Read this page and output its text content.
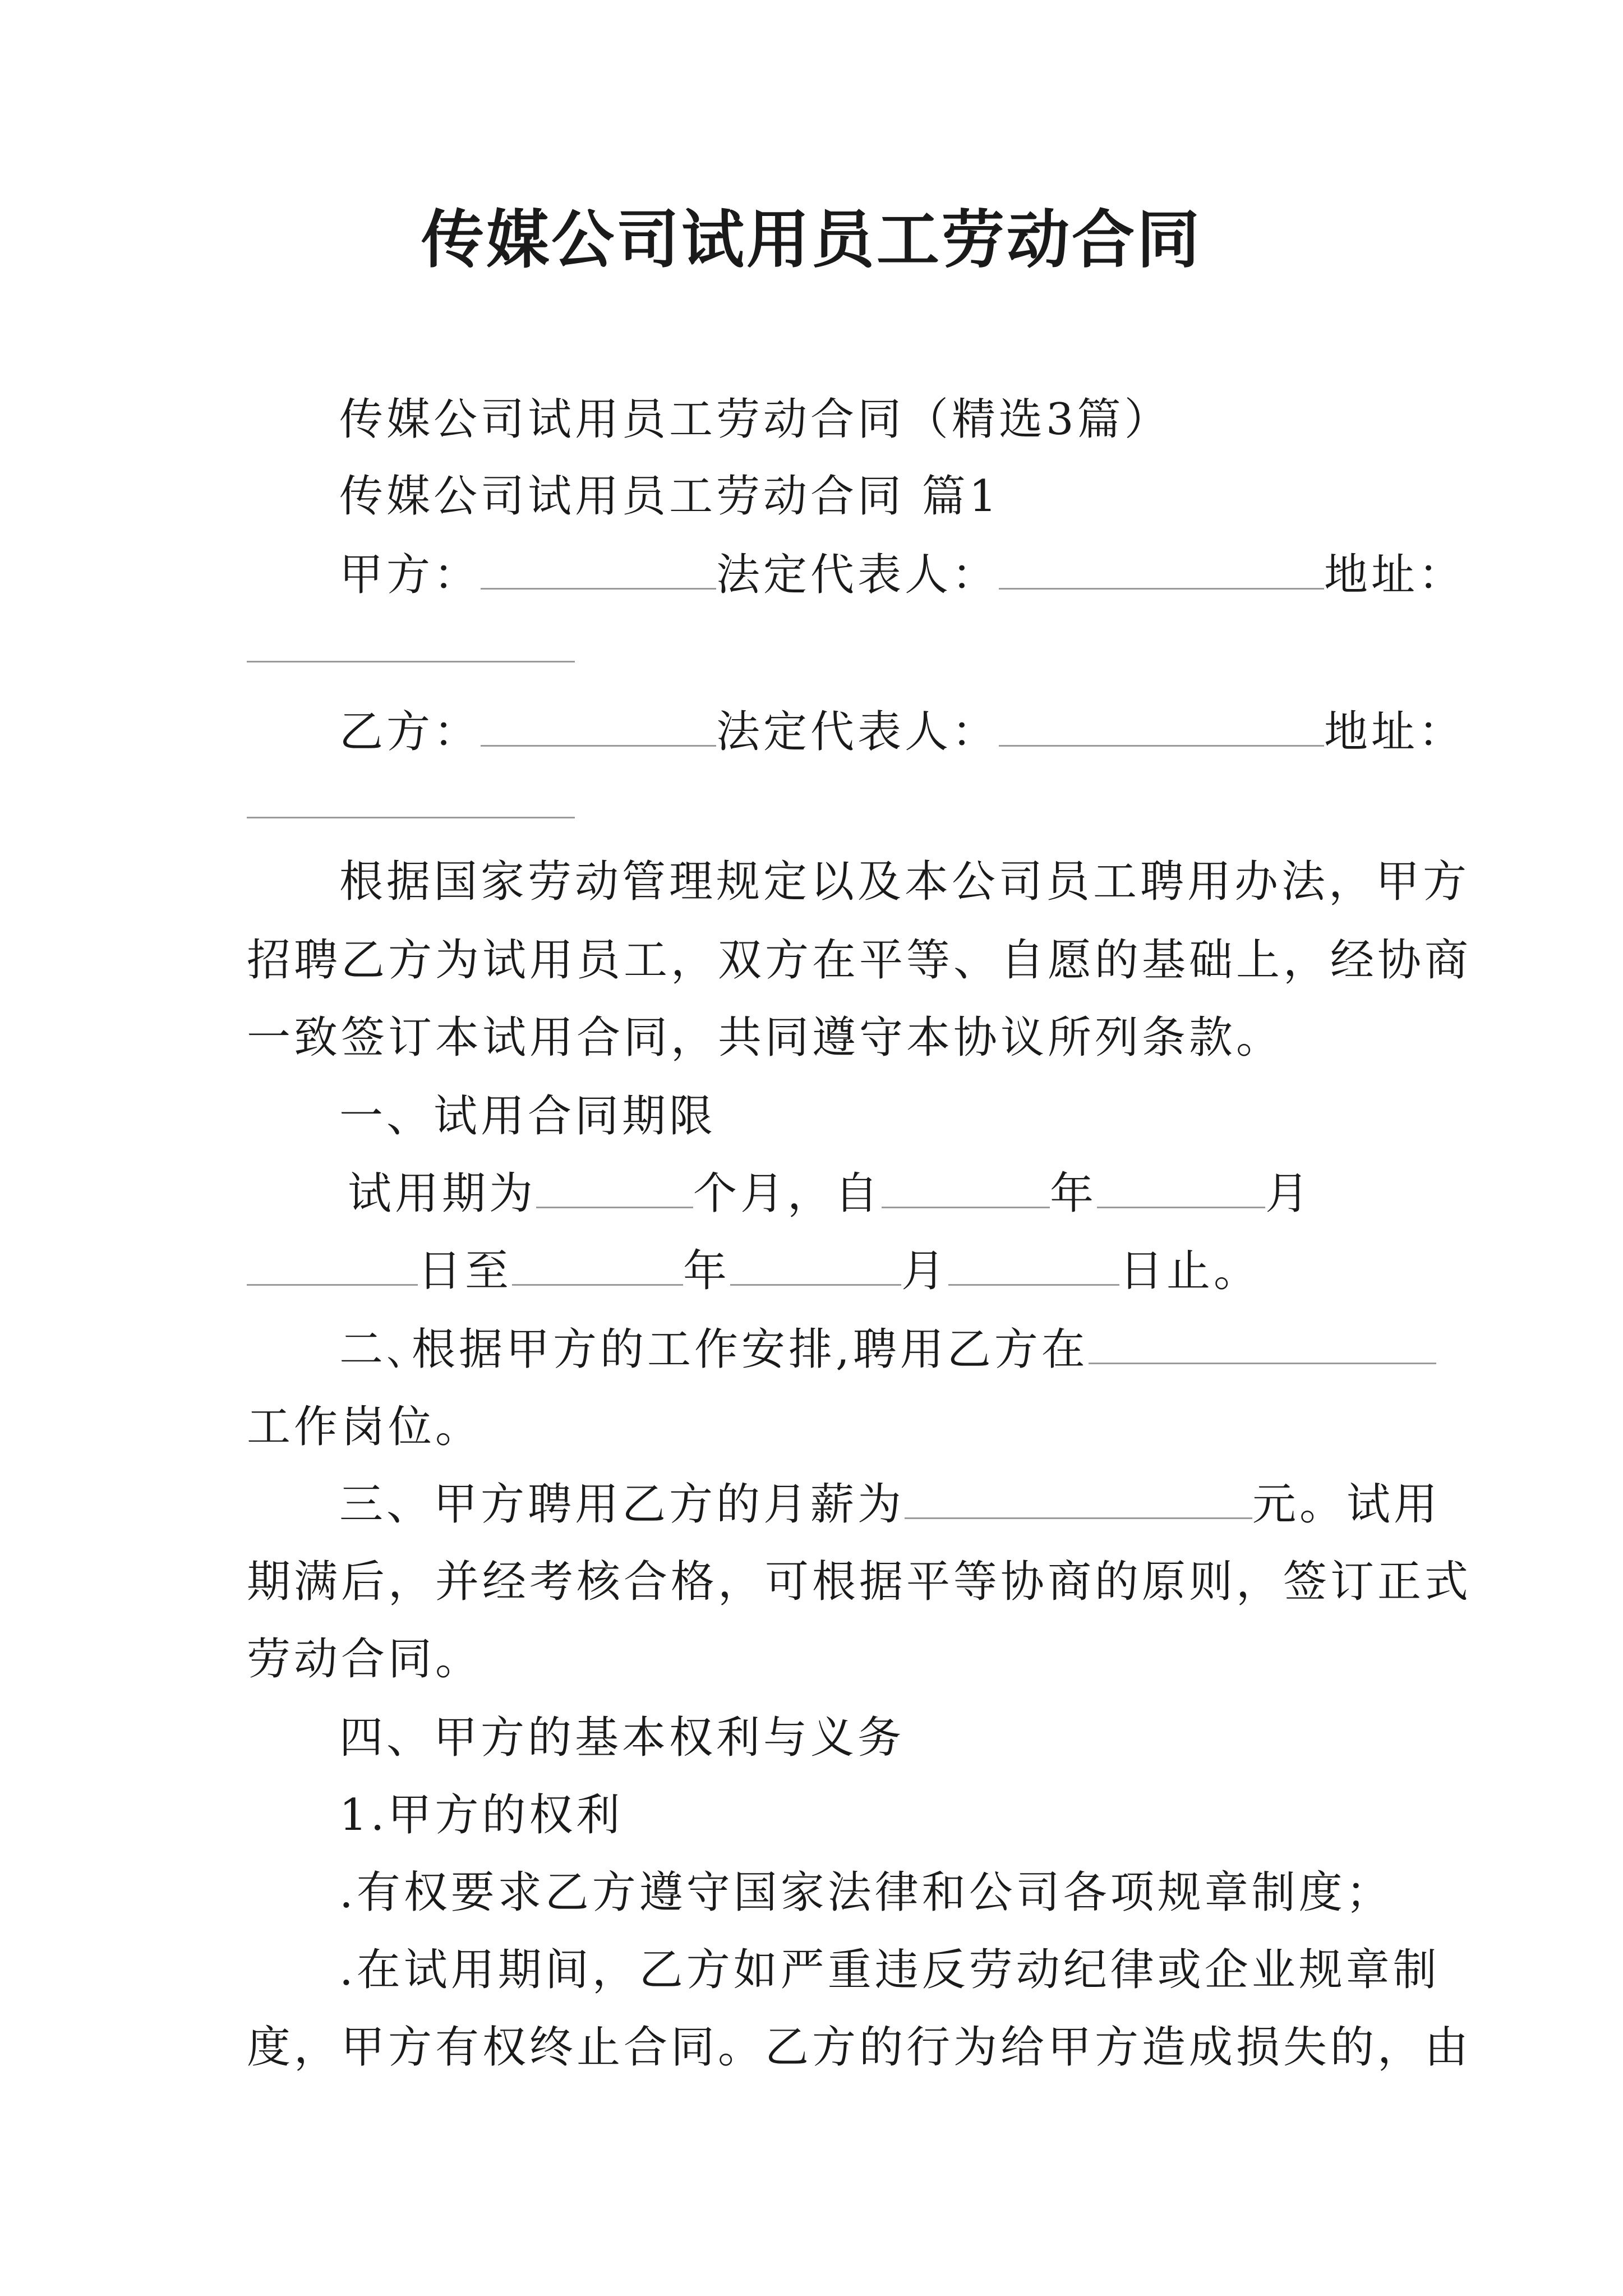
传媒公司试用员工劳动合同
传媒公司试用员工劳动合同（精选3篇）
传媒公司试用员工劳动合同 篇1
甲方：	法定代表人：	地址：
乙方：	法定代表人：	地址：
根据国家劳动管理规定以及本公司员工聘用办法，甲方
招聘乙方为试用员工，双方在平等、自愿的基础上，经协商
一致签订本试用合同，共同遵守本协议所列条款。
一、试用合同期限
试用期为	个月，自	年	月
日至	年	月	日止。
二､根据甲方的工作安排,聘用乙方在
工作岗位。
三、甲方聘用乙方的月薪为	元。试用
期满后，并经考核合格，可根据平等协商的原则，签订正式
劳动合同。
四、甲方的基本权利与义务
1.甲方的权利
.有权要求乙方遵守国家法律和公司各项规章制度；
.在试用期间，乙方如严重违反劳动纪律或企业规章制
度，甲方有权终止合同。乙方的行为给甲方造成损失的，由
